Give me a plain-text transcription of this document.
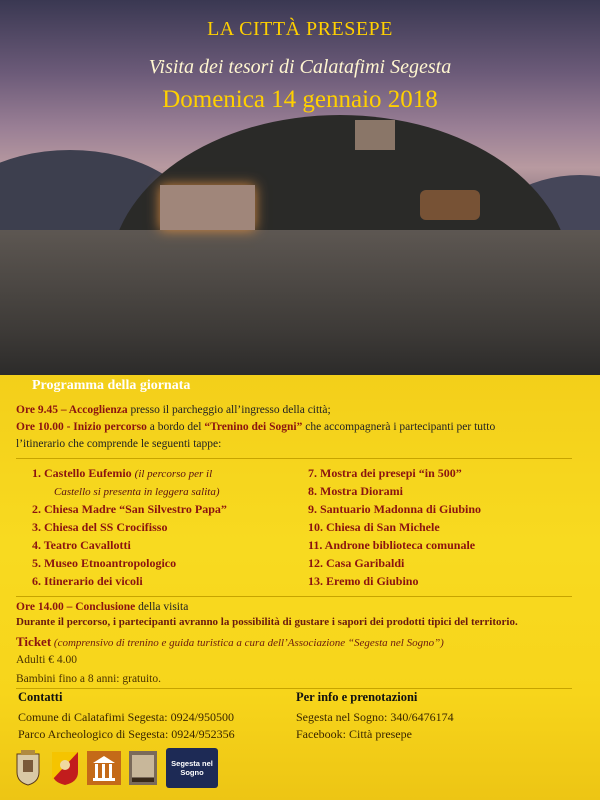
LA CITTÀ PRESEPE
Visita dei tesori di Calatafimi Segesta
Domenica 14 gennaio 2018
Programma della giornata
Ore 9.45 – Accoglienza presso il parcheggio all’ingresso della città;
Ore 10.00 - Inizio percorso a bordo del “Trenino dei Sogni” che accompagnerà i partecipanti per tutto
l’itinerario che comprende le seguenti tappe:
1. Castello Eufemio (il percorso per il
Castello si presenta in leggera salita)
2. Chiesa Madre “San Silvestro Papa”
3. Chiesa del SS Crocifisso
4. Teatro Cavallotti
5. Museo Etnoantropologico
6. Itinerario dei vicoli
7. Mostra dei presepi “in 500”
8. Mostra Diorami
9. Santuario Madonna di Giubino
10. Chiesa di San Michele
11. Androne biblioteca comunale
12. Casa Garibaldi
13. Eremo di Giubino
Ore 14.00 – Conclusione della visita
Durante il percorso, i partecipanti avranno la possibilità di gustare i sapori dei prodotti tipici del territorio.
Ticket (comprensivo di trenino e guida turistica a cura dell’Associazione “Segesta nel Sogno”)
Adulti € 4.00
Bambini fino a 8 anni: gratuito.
Contatti
Comune di Calatafimi Segesta: 0924/950500
Parco Archeologico di Segesta: 0924/952356
Per info e prenotazioni
Segesta nel Sogno: 340/6476174
Facebook: Città presepe
Segesta nel Sogno
